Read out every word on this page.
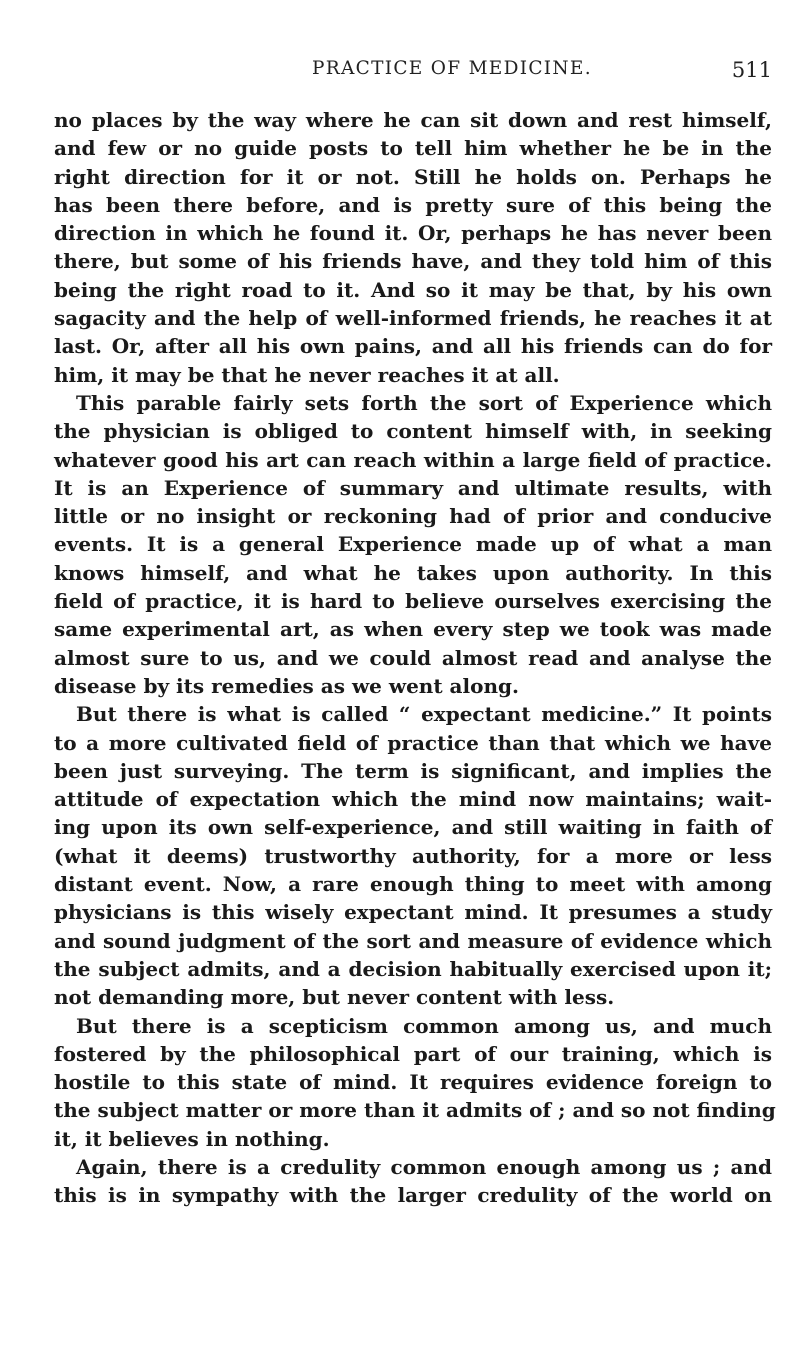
PRACTICE OF MEDICINE.	511
no places by the way where he can sit down and rest himself,
and few or no guide posts to tell him whether he be in the
right direction for it or not. Still he holds on. Perhaps he
has been there before, and is pretty sure of this being the
direction in which he found it. Or, perhaps he has never been
there, but some of his friends have, and they told him of this
being the right road to it. And so it may be that, by his own
sagacity and the help of well-informed friends, he reaches it at
last. Or, after all his own pains, and all his friends can do for
him, it may be that he never reaches it at all.
This parable fairly sets forth the sort of Experience which
the physician is obliged to content himself with, in seeking
whatever good his art can reach within a large field of practice.
It is an Experience of summary and ultimate results, with
little or no insight or reckoning had of prior and conducive
events. It is a general Experience made up of what a man
knows himself, and what he takes upon authority. In this
field of practice, it is hard to believe ourselves exercising the
same experimental art, as when every step we took was made
almost sure to us, and we could almost read and analyse the
disease by its remedies as we went along.
But there is what is called “ expectant medicine.” It points
to a more cultivated field of practice than that which we have
been just surveying. The term is significant, and implies the
attitude of expectation which the mind now maintains; wait-
ing upon its own self-experience, and still waiting in faith of
(what it deems) trustworthy authority, for a more or less
distant event. Now, a rare enough thing to meet with among
physicians is this wisely expectant mind. It presumes a study
and sound judgment of the sort and measure of evidence which
the subject admits, and a decision habitually exercised upon it;
not demanding more, but never content with less.
But there is a scepticism common among us, and much
fostered by the philosophical part of our training, which is
hostile to this state of mind. It requires evidence foreign to
the subject matter or more than it admits of ; and so not finding
it, it believes in nothing.
Again, there is a credulity common enough among us ; and
this is in sympathy with the larger credulity of the world on
